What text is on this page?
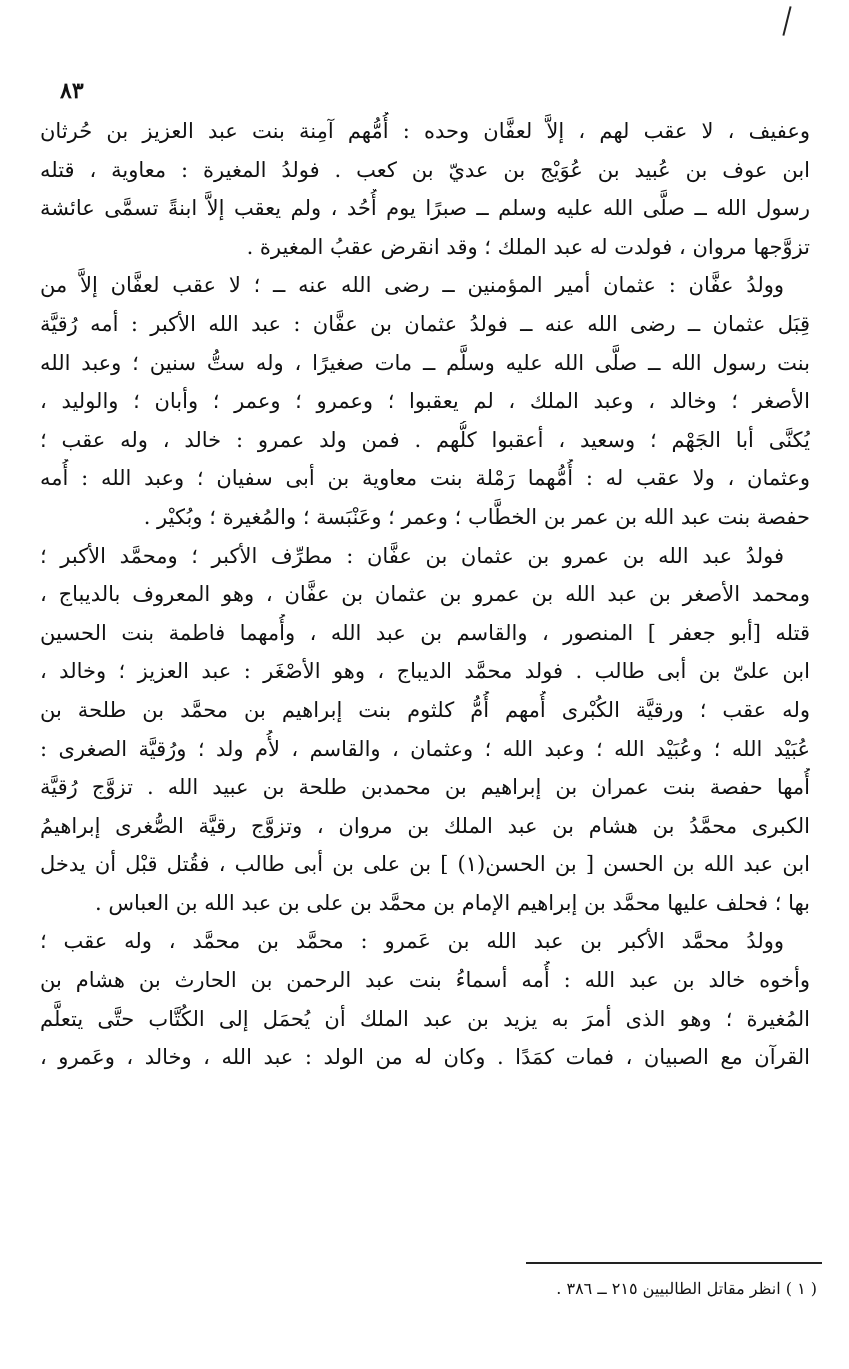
٨٣
وعفيف ، لا عقب لهم ، إلاَّ لعفَّان وحده : أُمُّهم آمِنة بنت عبد العزيز بن حُرثان
ابن عوف بن عُبيد بن عُوَيْج بن عديّ بن كعب . فولدُ المغيرة : معاوية ، قتله
رسول الله ــ صلَّى الله عليه وسلم ــ صبرًا يوم أُحُد ، ولم يعقب إلاَّ ابنةً تسمَّى عائشة
تزوَّجها مروان ، فولدت له عبد الملك ؛ وقد انقرض عقبُ المغيرة .
وولدُ عفَّان : عثمان أمير المؤمنين ــ رضى الله عنه ــ ؛ لا عقب لعفَّان إلاَّ من
قِبَل عثمان ــ رضى الله عنه ــ فولدُ عثمان بن عفَّان : عبد الله الأكبر : أمه رُقيَّة
بنت رسول الله ــ صلَّى الله عليه وسلَّم ــ مات صغيرًا ، وله ستُّ سنين ؛ وعبد الله
الأصغر ؛ وخالد ، وعبد الملك ، لم يعقبوا ؛ وعمرو ؛ وعمر ؛ وأبان ؛ والوليد ،
يُكنَّى أبا الجَهْم ؛ وسعيد ، أعقبوا كلُّهم . فمن ولد عمرو : خالد ، وله عقب ؛
وعثمان ، ولا عقب له : أُمُّهما رَمْلة بنت معاوية بن أبى سفيان ؛ وعبد الله : أُمه
حفصة بنت عبد الله بن عمر بن الخطَّاب ؛ وعمر ؛ وعَنْبَسة ؛ والمُغيرة ؛ وبُكيْر .
فولدُ عبد الله بن عمرو بن عثمان بن عفَّان : مطرِّف الأكبر ؛ ومحمَّد الأكبر ؛
ومحمد الأصغر بن عبد الله بن عمرو بن عثمان بن عفَّان ، وهو المعروف بالديباج ،
قتله [أبو جعفر ] المنصور ، والقاسم بن عبد الله ، وأُمهما فاطمة بنت الحسين
ابن علىّ بن أبى طالب . فولد محمَّد الديباج ، وهو الأصْغَر : عبد العزيز ؛ وخالد ،
وله عقب ؛ ورقيَّة الكُبْرى أُمهم أُمُّ كلثوم بنت إبراهيم بن محمَّد بن طلحة بن
عُبَيْد الله ؛ وعُبَيْد الله ؛ وعبد الله ؛ وعثمان ، والقاسم ، لأُم ولد ؛ ورُقيَّة الصغرى :
أُمها حفصة بنت عمران بن إبراهيم بن محمدبن طلحة بن عبيد الله . تزوَّج رُقيَّة
الكبرى محمَّدُ بن هشام بن عبد الملك بن مروان ، وتزوَّج رقيَّة الصُّغرى إبراهيمُ
ابن عبد الله بن الحسن [ بن الحسن(١) ] بن على بن أبى طالب ، فقُتل قبْل أن يدخل
بها ؛ فحلف عليها محمَّد بن إبراهيم الإمام بن محمَّد بن على بن عبد الله بن العباس .
وولدُ محمَّد الأكبر بن عبد الله بن عَمرو : محمَّد بن محمَّد ، وله عقب ؛
وأخوه خالد بن عبد الله : أُمه أسماءُ بنت عبد الرحمن بن الحارث بن هشام بن
المُغيرة ؛ وهو الذى أمرَ به يزيد بن عبد الملك أن يُحمَل إلى الكُتَّاب حتَّى يتعلَّم
القرآن مع الصبيان ، فمات كمَدًا . وكان له من الولد : عبد الله ، وخالد ، وعَمرو ،
( ١ ) انظر مقاتل الطالبيين ٢١٥ ــ ٣٨٦ .
